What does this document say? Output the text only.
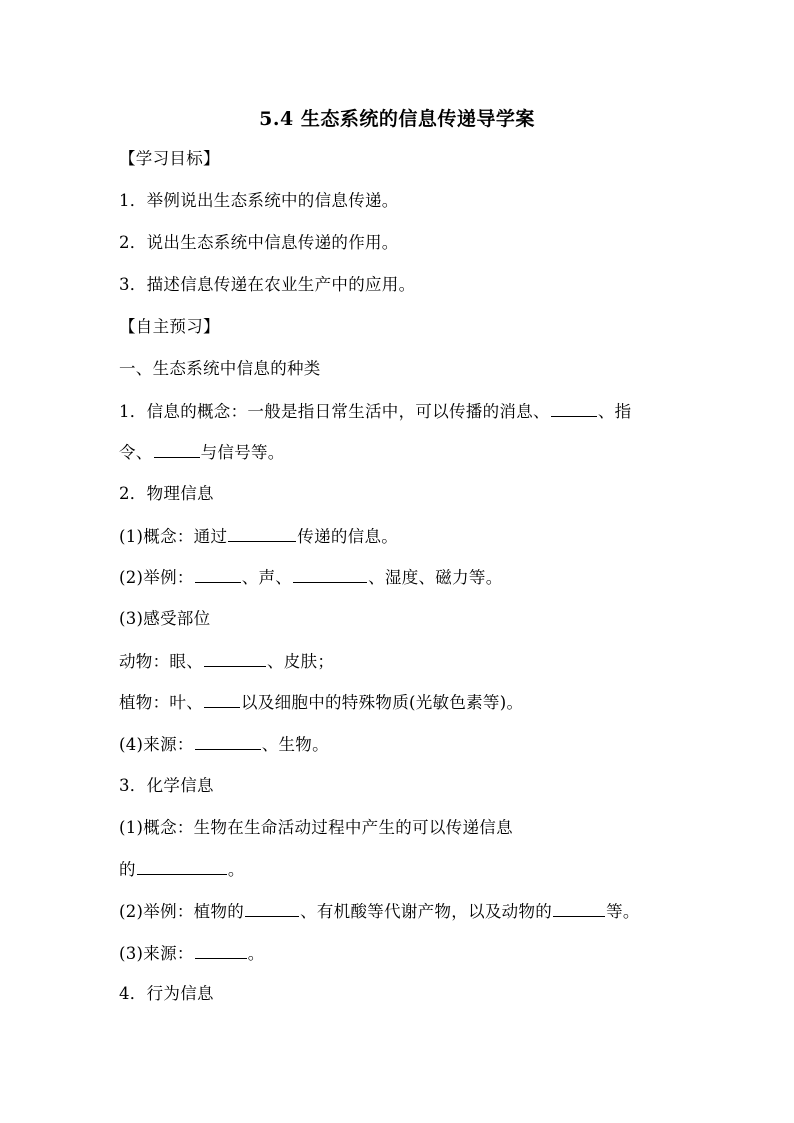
5.4 生态系统的信息传递导学案
【学习目标】
1．举例说出生态系统中的信息传递。
2．说出生态系统中信息传递的作用。
3．描述信息传递在农业生产中的应用。
【自主预习】
一、生态系统中信息的种类
1．信息的概念：一般是指日常生活中，可以传播的消息、	、指
令、	与信号等。
2．物理信息
(1)概念：通过	传递的信息。
(2)举例：	、声、	、湿度、磁力等。
(3)感受部位
动物：眼、	、皮肤；
植物：叶、 以及细胞中的特殊物质(光敏色素等)。
(4)来源：	、生物。
3．化学信息
(1)概念：生物在生命活动过程中产生的可以传递信息
的	。
(2)举例：植物的	、有机酸等代谢产物，以及动物的	等。
(3)来源：	。
4．行为信息
